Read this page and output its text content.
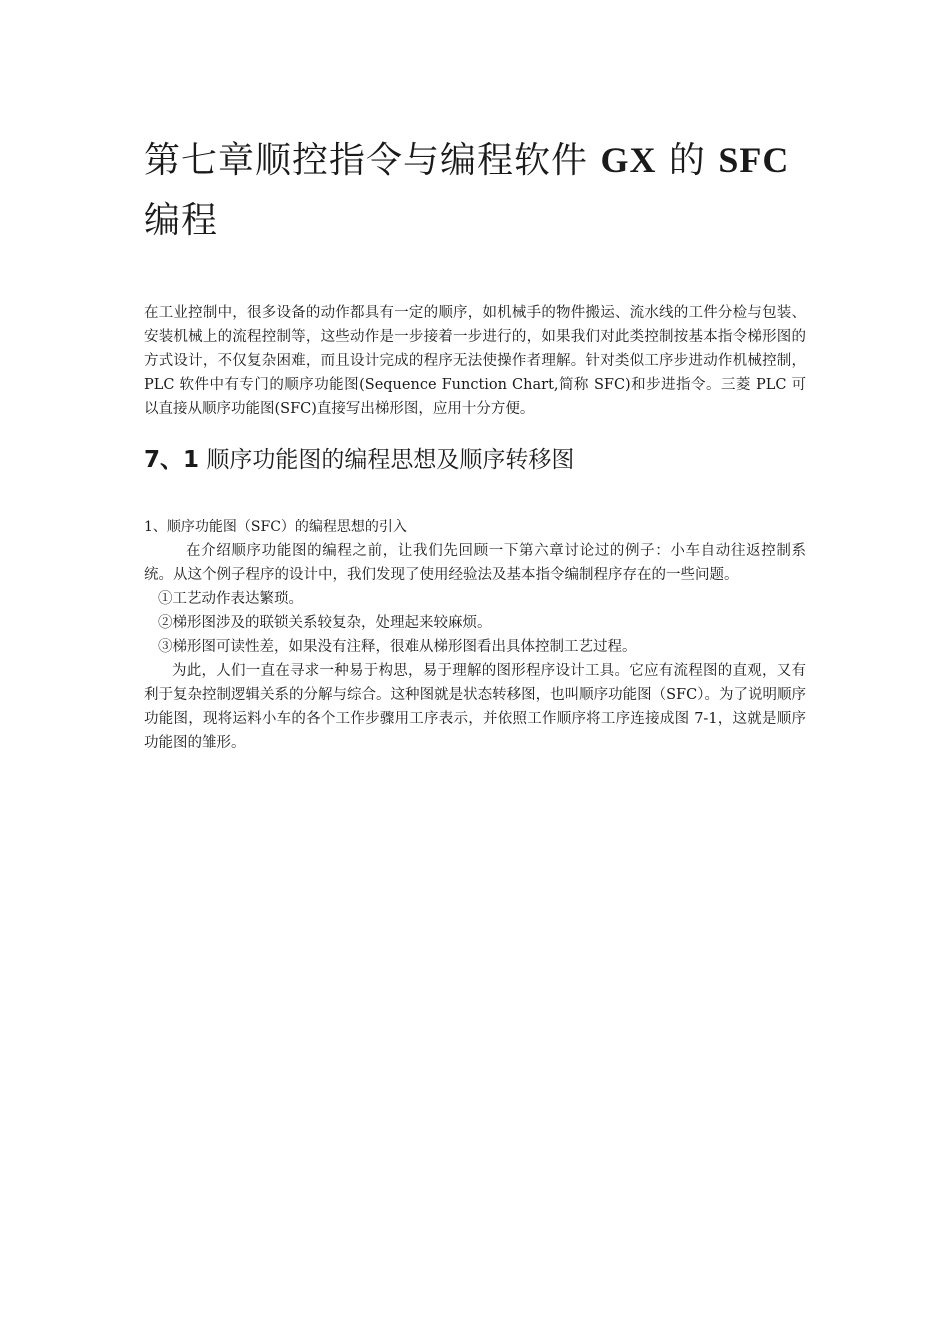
第七章顺控指令与编程软件 GX 的 SFC 编程

在工业控制中，很多设备的动作都具有一定的顺序，如机械手的物件搬运、流水线的工件分检与包装、安装机械上的流程控制等，这些动作是一步接着一步进行的，如果我们对此类控制按基本指令梯形图的方式设计，不仅复杂困难，而且设计完成的程序无法使操作者理解。针对类似工序步进动作机械控制，PLC 软件中有专门的顺序功能图(Sequence Function Chart,简称 SFC)和步进指令。三菱 PLC 可以直接从顺序功能图(SFC)直接写出梯形图，应用十分方便。

7、1 顺序功能图的编程思想及顺序转移图
1、顺序功能图（SFC）的编程思想的引入

在介绍顺序功能图的编程之前，让我们先回顾一下第六章讨论过的例子：小车自动往返控制系统。从这个例子程序的设计中，我们发现了使用经验法及基本指令编制程序存在的一些问题。

①工艺动作表达繁琐。

②梯形图涉及的联锁关系较复杂，处理起来较麻烦。

③梯形图可读性差，如果没有注释，很难从梯形图看出具体控制工艺过程。

为此，人们一直在寻求一种易于构思，易于理解的图形程序设计工具。它应有流程图的直观，又有利于复杂控制逻辑关系的分解与综合。这种图就是状态转移图，也叫顺序功能图（SFC）。为了说明顺序功能图，现将运料小车的各个工作步骤用工序表示，并依照工作顺序将工序连接成图 7-1，这就是顺序功能图的雏形。
